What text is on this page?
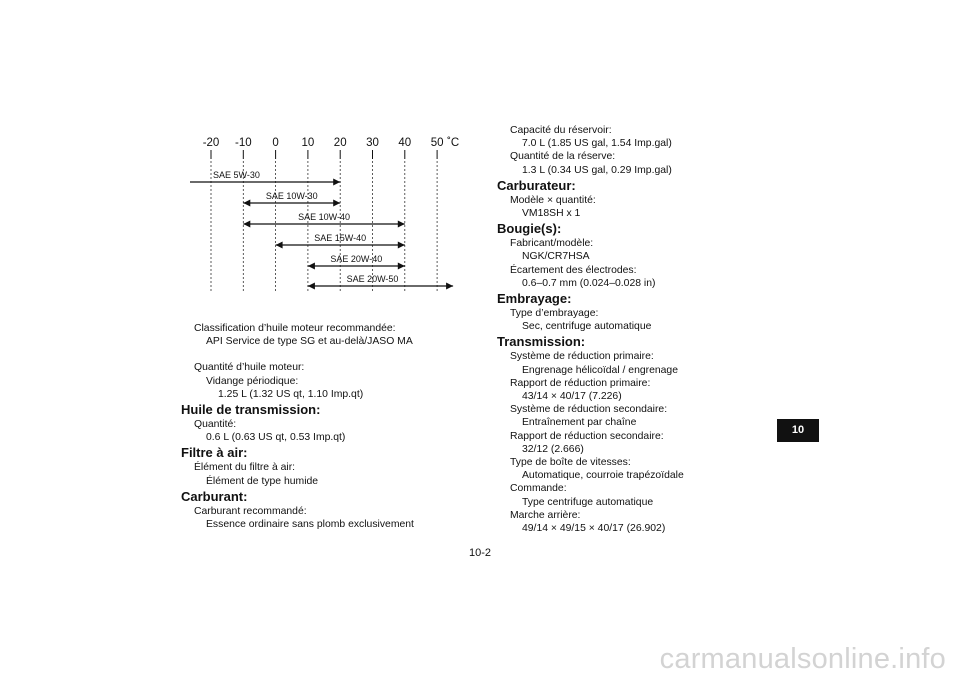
-20 -10 0 10 20 30 40 50 ˚C
SAE 5W-30
SAE 10W-30
SAE 10W-40
SAE 15W-40
SAE 20W-40
SAE 20W-50
Classification d’huile moteur recommandée:
API Service de type SG et au-delà/JASO MA
Quantité d’huile moteur:
Vidange périodique:
1.25 L (1.32 US qt, 1.10 Imp.qt)
Huile de transmission:
Quantité:
0.6 L (0.63 US qt, 0.53 Imp.qt)
Filtre à air:
Élément du filtre à air:
Élément de type humide
Carburant:
Carburant recommandé:
Essence ordinaire sans plomb exclusivement
Capacité du réservoir:
7.0 L (1.85 US gal, 1.54 Imp.gal)
Quantité de la réserve:
1.3 L (0.34 US gal, 0.29 Imp.gal)
Carburateur:
Modèle × quantité:
VM18SH x 1
Bougie(s):
Fabricant/modèle:
NGK/CR7HSA
Écartement des électrodes:
0.6–0.7 mm (0.024–0.028 in)
Embrayage:
Type d’embrayage:
Sec, centrifuge automatique
Transmission:
Système de réduction primaire:
Engrenage hélicoïdal / engrenage
Rapport de réduction primaire:
43/14 × 40/17 (7.226)
Système de réduction secondaire:
Entraînement par chaîne
Rapport de réduction secondaire:
32/12 (2.666)
Type de boîte de vitesses:
Automatique, courroie trapézoïdale
Commande:
Type centrifuge automatique
Marche arrière:
49/14 × 49/15 × 40/17 (26.902)
10
10-2
carmanualsonline.info
